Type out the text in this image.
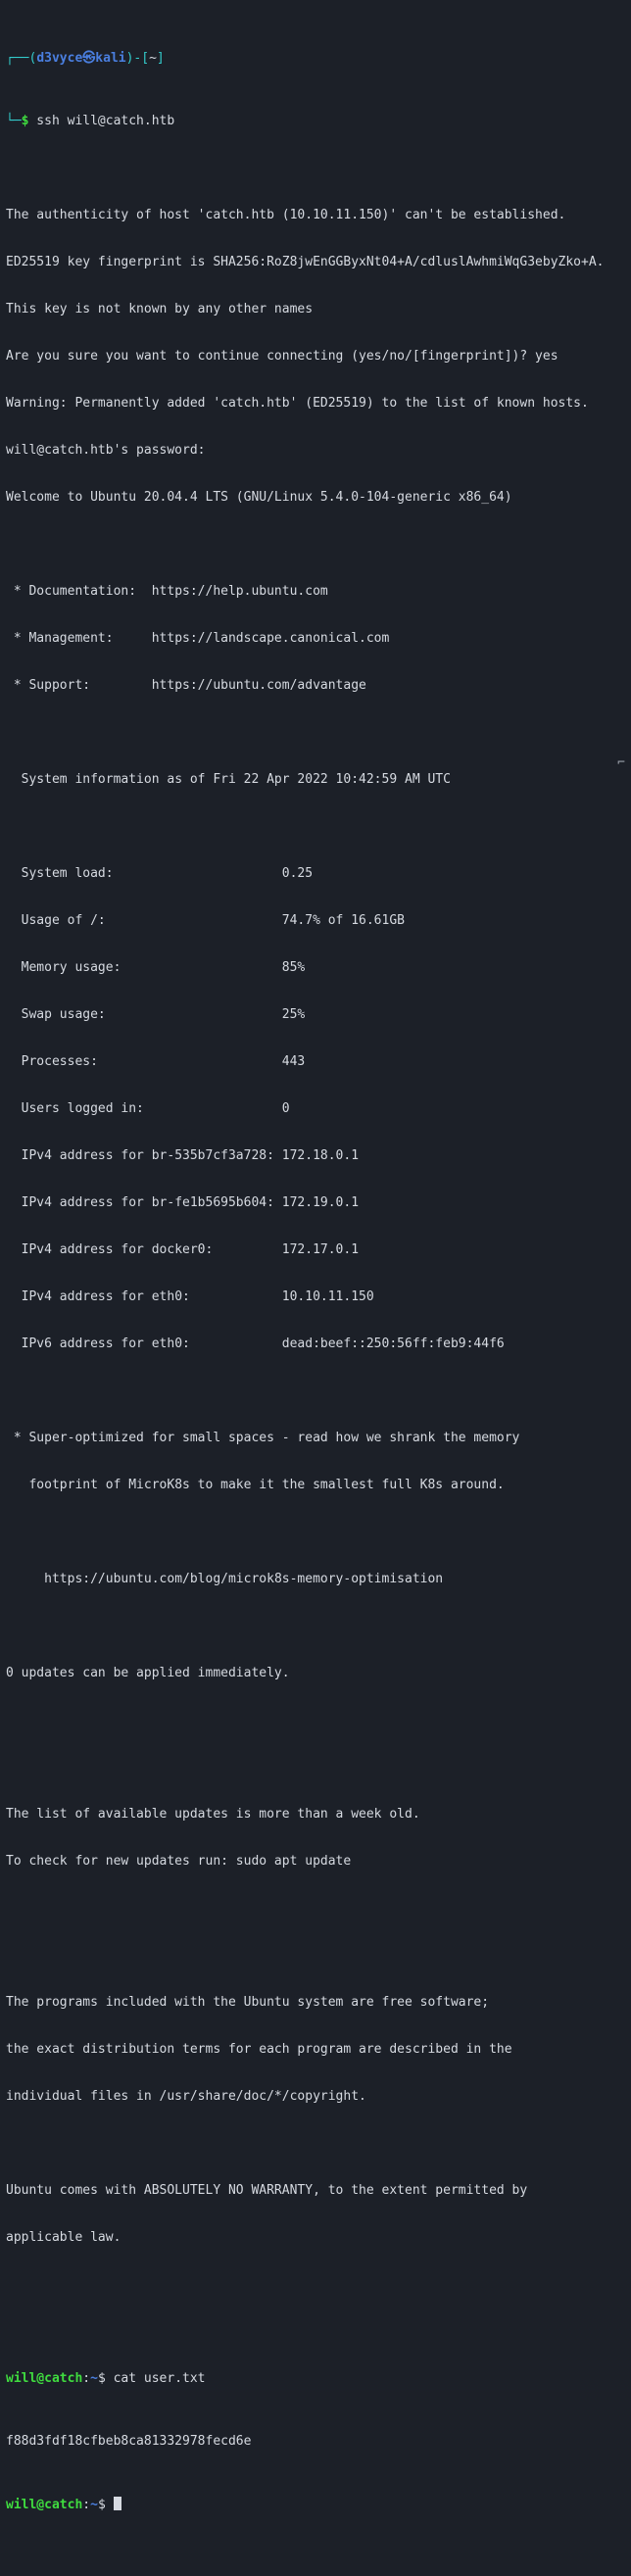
┌──(d3vyce㉿kali)-[~]

└─$ ssh will@catch.htb

The authenticity of host 'catch.htb (10.10.11.150)' can't be established.

ED25519 key fingerprint is SHA256:RoZ8jwEnGGByxNt04+A/cdluslAwhmiWqG3ebyZko+A.

This key is not known by any other names

Are you sure you want to continue connecting (yes/no/[fingerprint])? yes

Warning: Permanently added 'catch.htb' (ED25519) to the list of known hosts.

will@catch.htb's password:

Welcome to Ubuntu 20.04.4 LTS (GNU/Linux 5.4.0-104-generic x86_64)

* Documentation:  https://help.ubuntu.com

* Management:     https://landscape.canonical.com

* Support:        https://ubuntu.com/advantage

System information as of Fri 22 Apr 2022 10:42:59 AM UTC

System load:                      0.25

Usage of /:                       74.7% of 16.61GB

Memory usage:                     85%

Swap usage:                       25%

Processes:                        443

Users logged in:                  0

IPv4 address for br-535b7cf3a728: 172.18.0.1

IPv4 address for br-fe1b5695b604: 172.19.0.1

IPv4 address for docker0:         172.17.0.1

IPv4 address for eth0:            10.10.11.150

IPv6 address for eth0:            dead:beef::250:56ff:feb9:44f6

* Super-optimized for small spaces - read how we shrank the memory

footprint of MicroK8s to make it the smallest full K8s around.

https://ubuntu.com/blog/microk8s-memory-optimisation

0 updates can be applied immediately.

The list of available updates is more than a week old.

To check for new updates run: sudo apt update

The programs included with the Ubuntu system are free software;

the exact distribution terms for each program are described in the

individual files in /usr/share/doc/*/copyright.

Ubuntu comes with ABSOLUTELY NO WARRANTY, to the extent permitted by

applicable law.

will@catch:~$ cat user.txt

f88d3fdf18cfbeb8ca81332978fecd6e

will@catch:~$

⌐
